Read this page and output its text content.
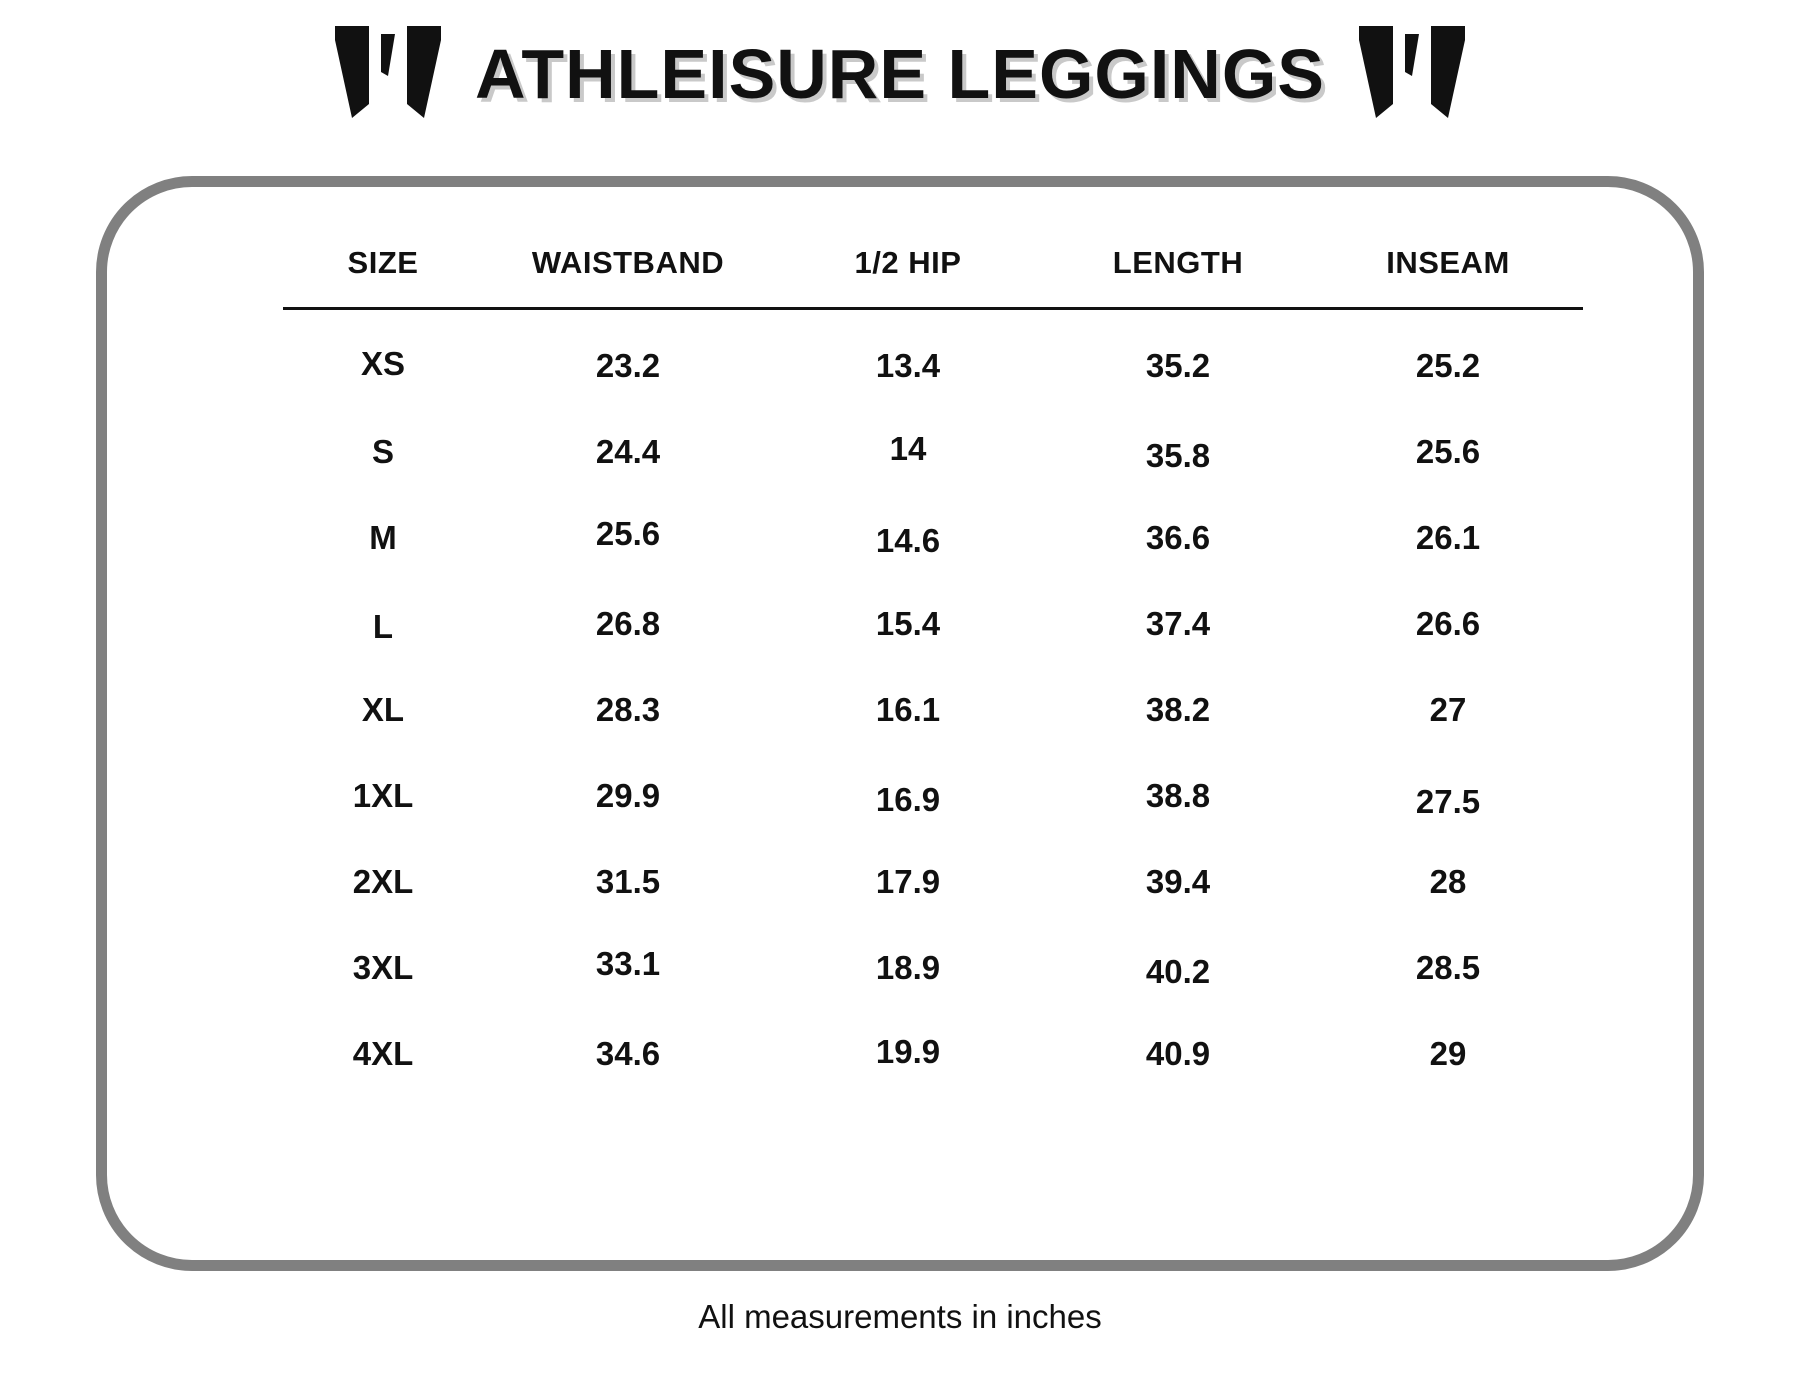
ATHLEISURE LEGGINGS
SIZE	WAISTBAND	1/2 HIP	LENGTH	INSEAM
XS	23.2	13.4	35.2	25.2
S	24.4	14	35.8	25.6
M	25.6	14.6	36.6	26.1
L	26.8	15.4	37.4	26.6
XL	28.3	16.1	38.2	27
1XL	29.9	16.9	38.8	27.5
2XL	31.5	17.9	39.4	28
3XL	33.1	18.9	40.2	28.5
4XL	34.6	19.9	40.9	29
All measurements in inches
